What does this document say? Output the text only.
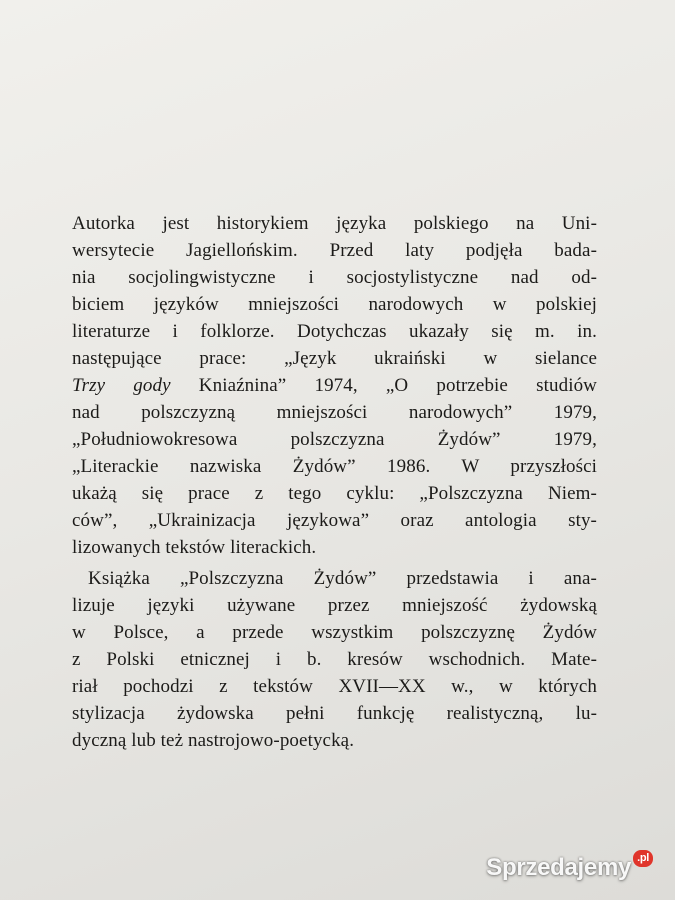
Autorka jest historykiem języka polskiego na Uni-
wersytecie Jagiellońskim. Przed laty podjęła bada-
nia socjolingwistyczne i socjostylistyczne nad od-
biciem języków mniejszości narodowych w polskiej
literaturze i folklorze. Dotychczas ukazały się m. in.
następujące prace: „Język ukraiński w sielance
Trzy gody Kniaźnina” 1974, „O potrzebie studiów
nad polszczyzną mniejszości narodowych” 1979,
„Południowokresowa polszczyzna Żydów” 1979,
„Literackie nazwiska Żydów” 1986. W przyszłości
ukażą się prace z tego cyklu: „Polszczyzna Niem-
ców”, „Ukrainizacja językowa” oraz antologia sty-
lizowanych tekstów literackich.
Książka „Polszczyzna Żydów” przedstawia i ana-
lizuje języki używane przez mniejszość żydowską
w Polsce, a przede wszystkim polszczyznę Żydów
z Polski etnicznej i b. kresów wschodnich. Mate-
riał pochodzi z tekstów XVII—XX w., w których
stylizacja żydowska pełni funkcję realistyczną, lu-
dyczną lub też nastrojowo-poetycką.
Sprzedajemy .pl
